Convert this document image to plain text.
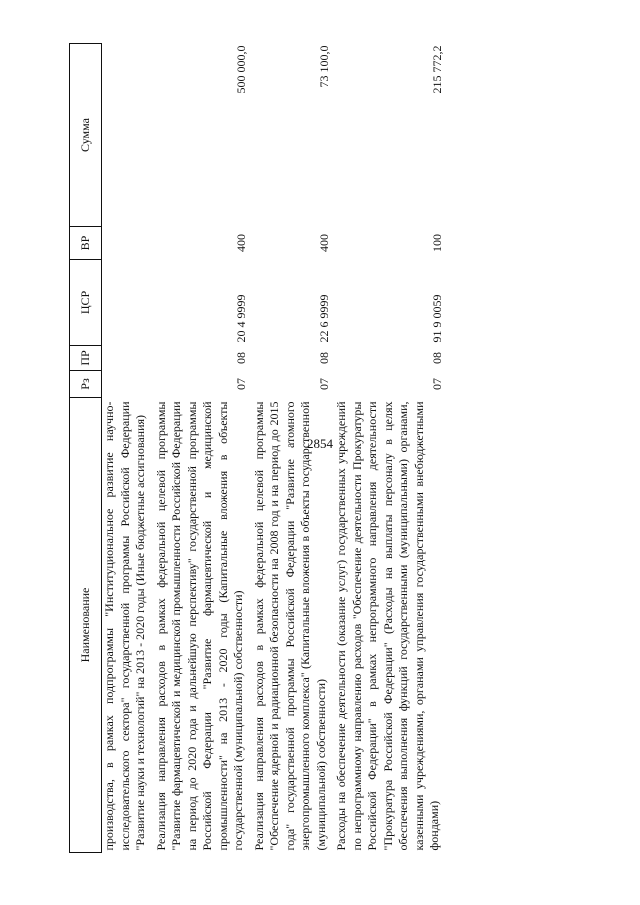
2854
Наименование	Рз	ПР	ЦСР	ВР	Сумма
производства, в рамках подпрограммы "Институциональное развитие научно-исследовательского сектора" государственной программы Российской Федерации "Развитие науки и технологий" на 2013 - 2020 годы (Иные бюджетные ассигнования)					
Реализация направления расходов в рамках федеральной целевой программы "Развитие фармацевтической и медицинской промышленности Российской Федерации на период до 2020 года и дальнейшую перспективу" государственной программы Российской Федерации "Развитие фармацевтической и медицинской промышленности" на 2013 - 2020 годы (Капитальные вложения в объекты государственной (муниципальной) собственности)	07	08	20 4 9999	400	500 000,0
Реализация направления расходов в рамках федеральной целевой программы "Обеспечение ядерной и радиационной безопасности на 2008 год и на период до 2015 года" государственной программы Российской Федерации "Развитие атомного энергопромышленного комплекса" (Капитальные вложения в объекты государственной (муниципальной) собственности)	07	08	22 6 9999	400	73 100,0
Расходы на обеспечение деятельности (оказание услуг) государственных учреждений по непрограммному направлению расходов "Обеспечение деятельности Прокуратуры Российской Федерации" в рамках непрограммного направления деятельности "Прокуратура Российской Федерации" (Расходы на выплаты персоналу в целях обеспечения выполнения функций государственными (муниципальными) органами, казенными учреждениями, органами управления государственными внебюджетными фондами)	07	08	91 9 0059	100	215 772,2
